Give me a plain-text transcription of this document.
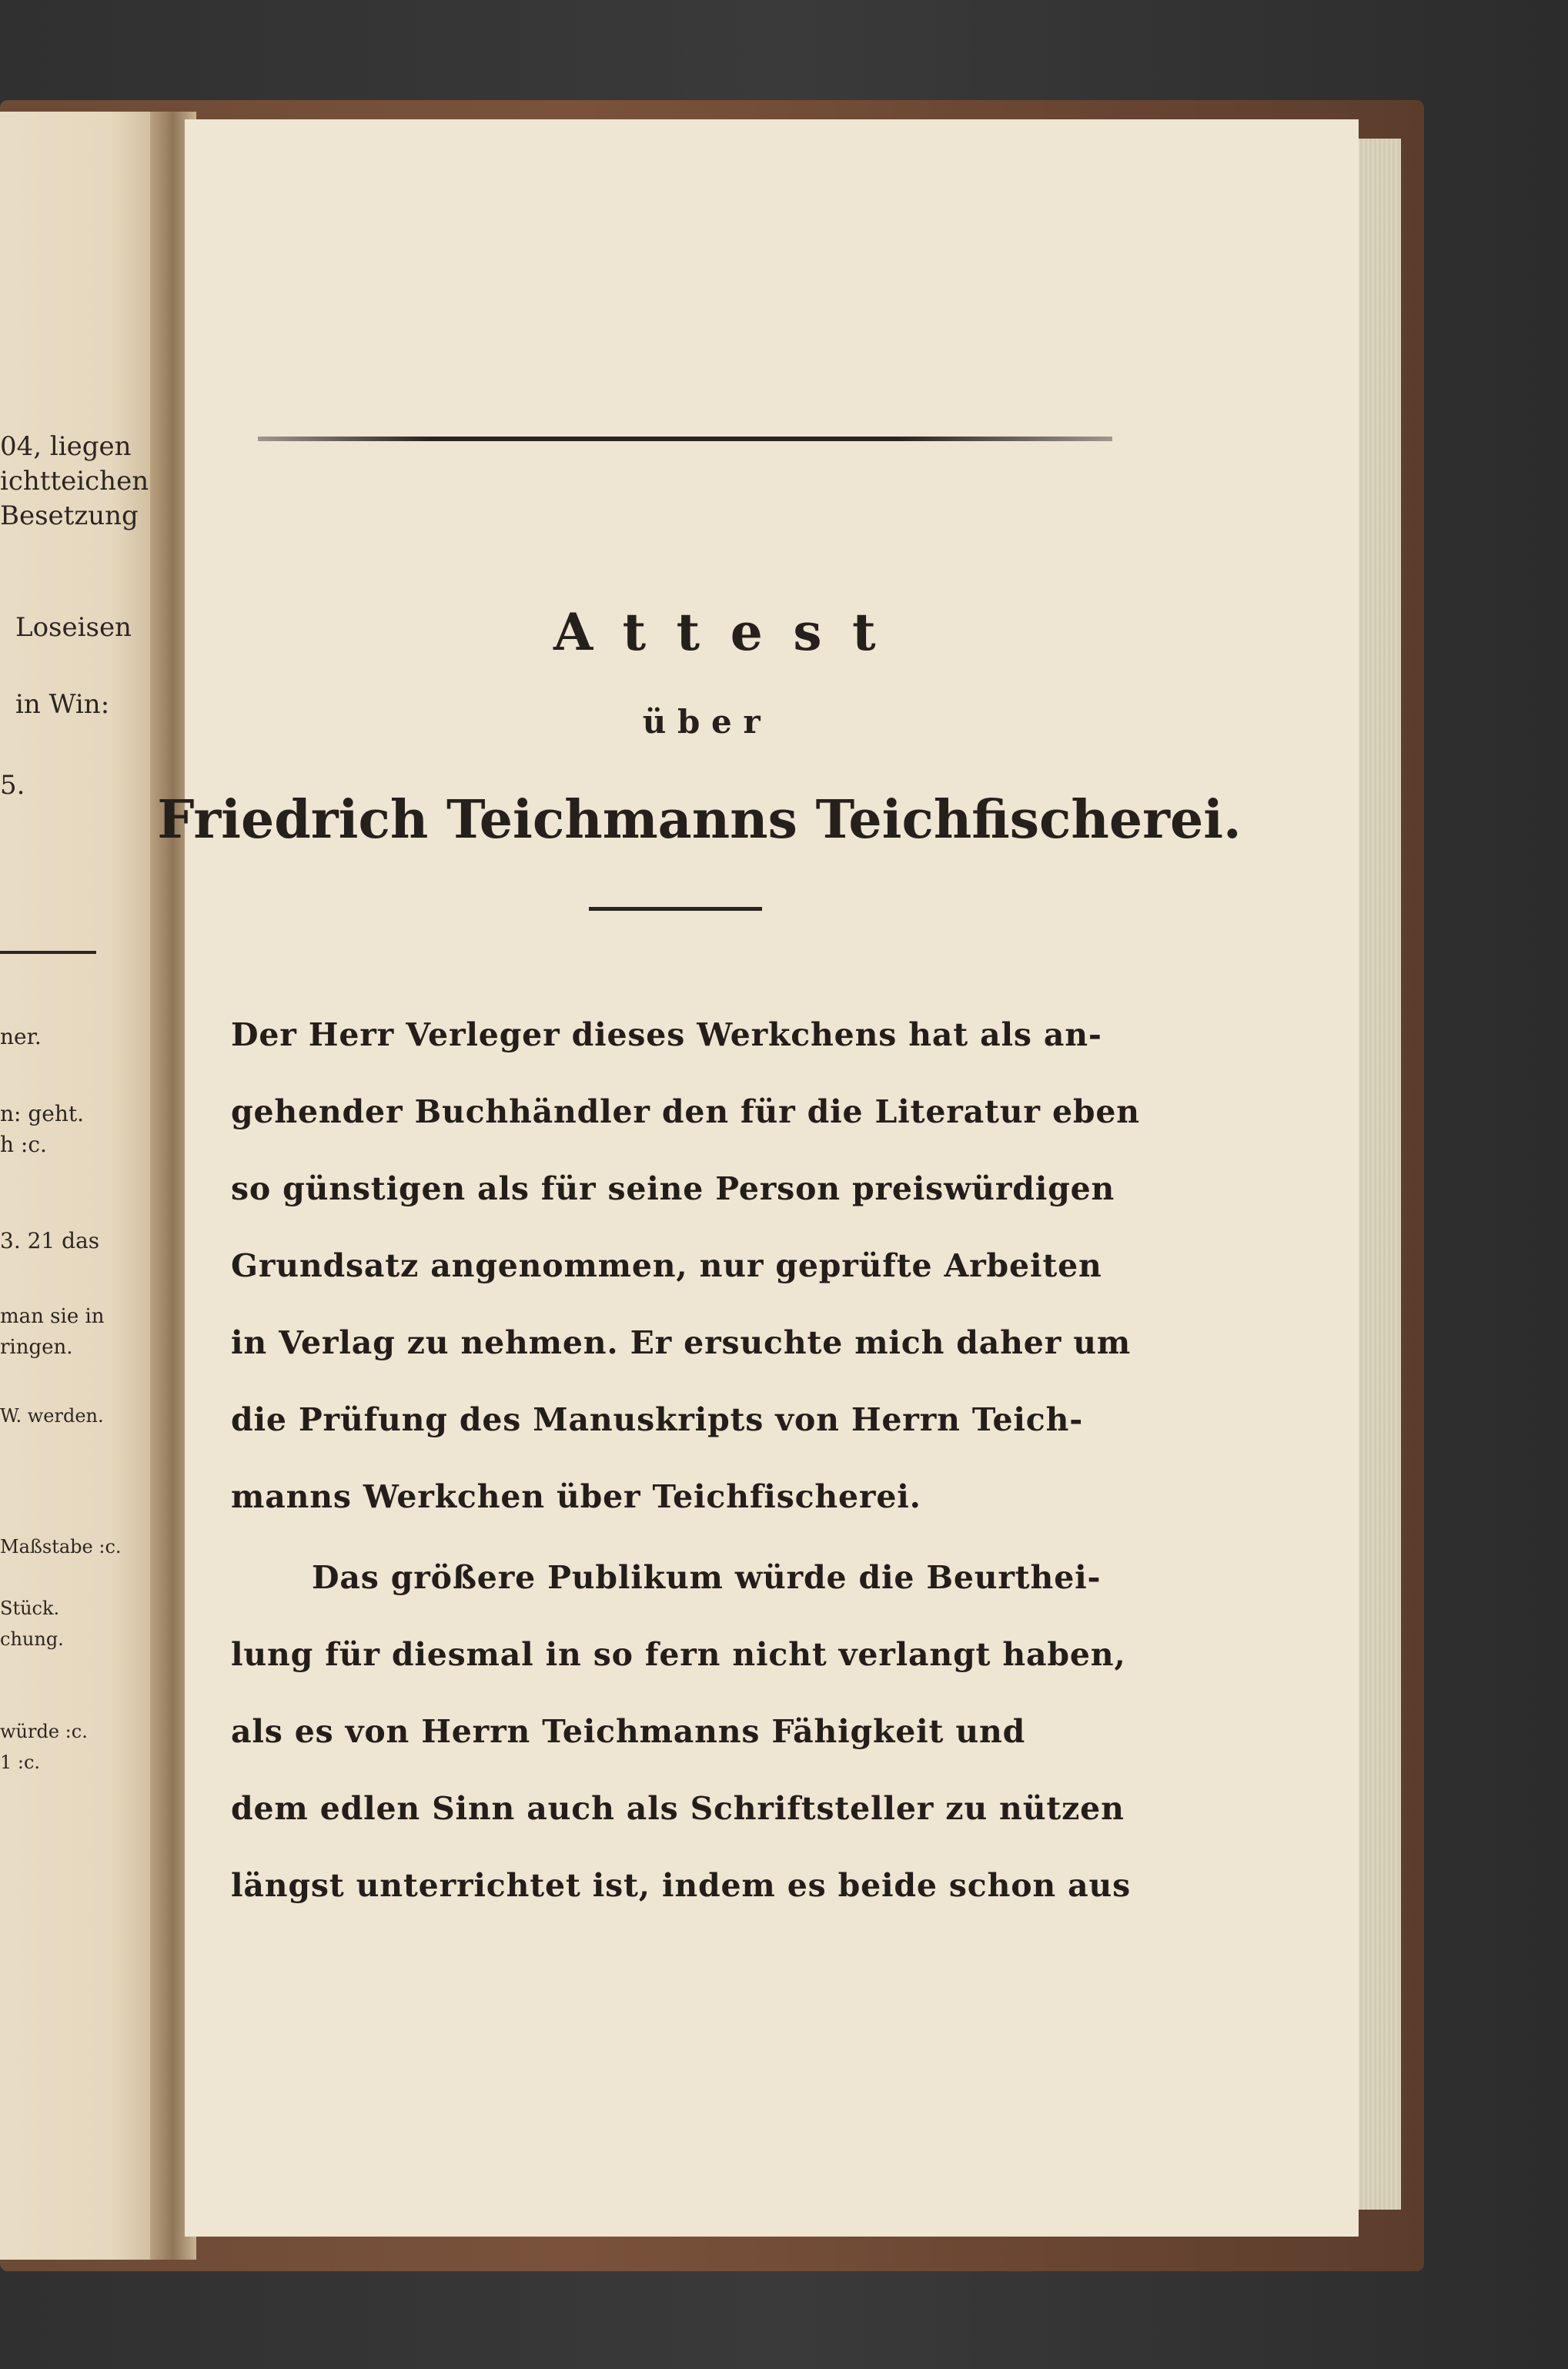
04, liegen
ichtteichen
Besetzung
Loseisen
in Win:
5.
ner.
n: geht.
h :c.
3. 21 das
man sie in
ringen.
W. werden.
Maßstabe :c.
Stück.
chung.
würde :c.
1 :c.
Attest
über
Friedrich Teichmanns Teichfischerei.
Der Herr Verleger dieses Werkchens hat als an-
gehender Buchhändler den für die Literatur eben
so günstigen als für seine Person preiswürdigen
Grundsatz angenommen, nur geprüfte Arbeiten
in Verlag zu nehmen. Er ersuchte mich daher um
die Prüfung des Manuskripts von Herrn Teich-
manns Werkchen über Teichfischerei.
Das größere Publikum würde die Beurthei-
lung für diesmal in so fern nicht verlangt haben,
als es von Herrn Teichmanns Fähigkeit und
dem edlen Sinn auch als Schriftsteller zu nützen
längst unterrichtet ist, indem es beide schon aus
